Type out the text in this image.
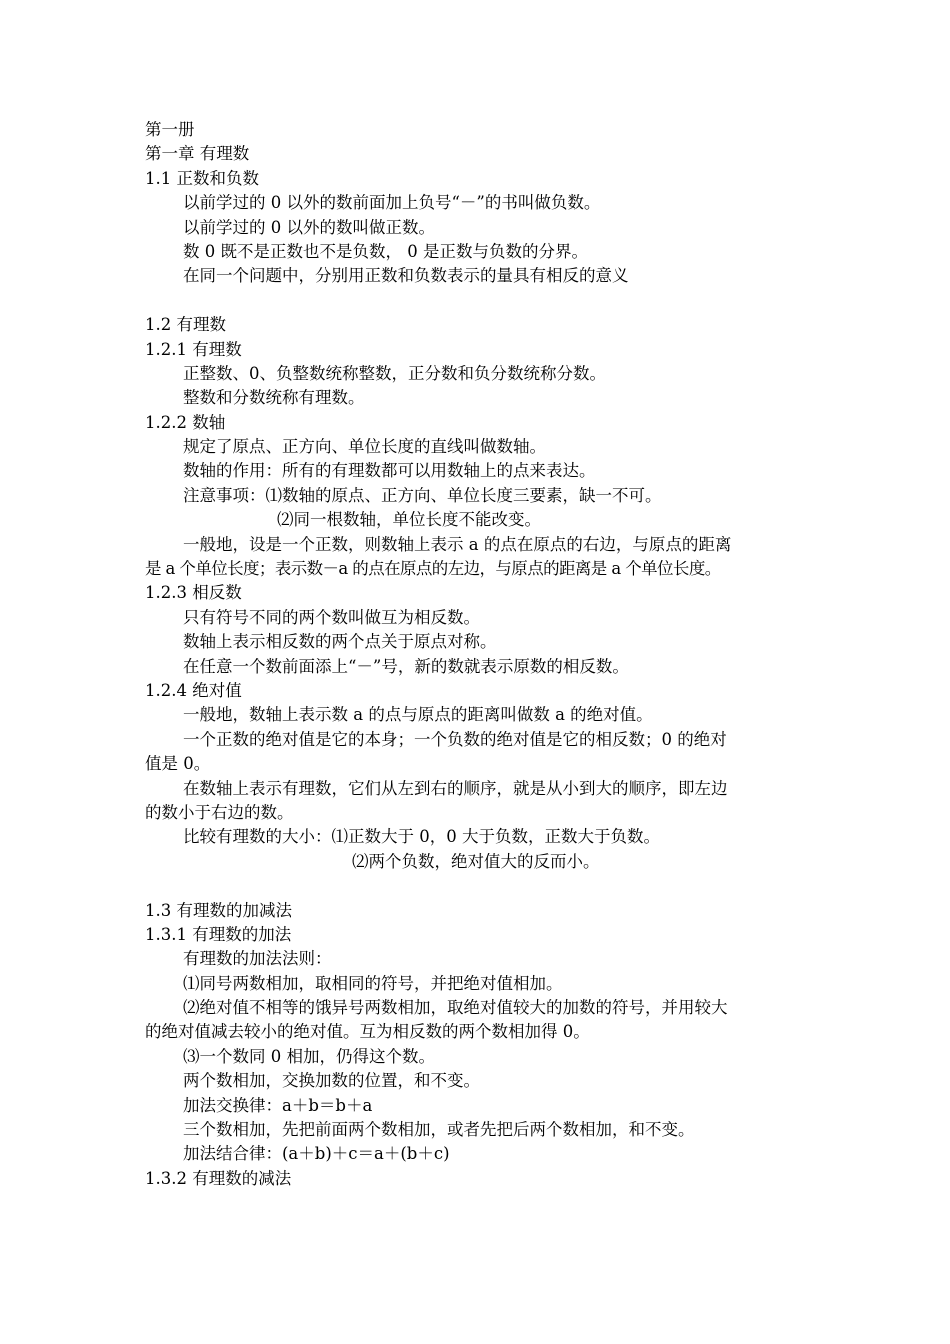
第一册
第一章 有理数
1.1 正数和负数
以前学过的 0 以外的数前面加上负号“－”的书叫做负数。
以前学过的 0 以外的数叫做正数。
数 0 既不是正数也不是负数， 0 是正数与负数的分界。
在同一个问题中，分别用正数和负数表示的量具有相反的意义
1.2 有理数
1.2.1 有理数
正整数、0、负整数统称整数，正分数和负分数统称分数。
整数和分数统称有理数。
1.2.2 数轴
规定了原点、正方向、单位长度的直线叫做数轴。
数轴的作用：所有的有理数都可以用数轴上的点来表达。
注意事项：⑴数轴的原点、正方向、单位长度三要素，缺一不可。
⑵同一根数轴，单位长度不能改变。
一般地，设是一个正数，则数轴上表示 a 的点在原点的右边，与原点的距离
是 a 个单位长度；表示数－a 的点在原点的左边，与原点的距离是 a 个单位长度。
1.2.3 相反数
只有符号不同的两个数叫做互为相反数。
数轴上表示相反数的两个点关于原点对称。
在任意一个数前面添上“－”号，新的数就表示原数的相反数。
1.2.4 绝对值
一般地，数轴上表示数 a 的点与原点的距离叫做数 a 的绝对值。
一个正数的绝对值是它的本身；一个负数的绝对值是它的相反数；0 的绝对
值是 0。
在数轴上表示有理数，它们从左到右的顺序，就是从小到大的顺序，即左边
的数小于右边的数。
比较有理数的大小：⑴正数大于 0，0 大于负数，正数大于负数。
⑵两个负数，绝对值大的反而小。
1.3 有理数的加减法
1.3.1 有理数的加法
有理数的加法法则：
⑴同号两数相加，取相同的符号，并把绝对值相加。
⑵绝对值不相等的饿异号两数相加，取绝对值较大的加数的符号，并用较大
的绝对值减去较小的绝对值。互为相反数的两个数相加得 0。
⑶一个数同 0 相加，仍得这个数。
两个数相加，交换加数的位置，和不变。
加法交换律：a＋b＝b＋a
三个数相加，先把前面两个数相加，或者先把后两个数相加，和不变。
加法结合律：(a＋b)＋c＝a＋(b＋c)
1.3.2 有理数的减法
